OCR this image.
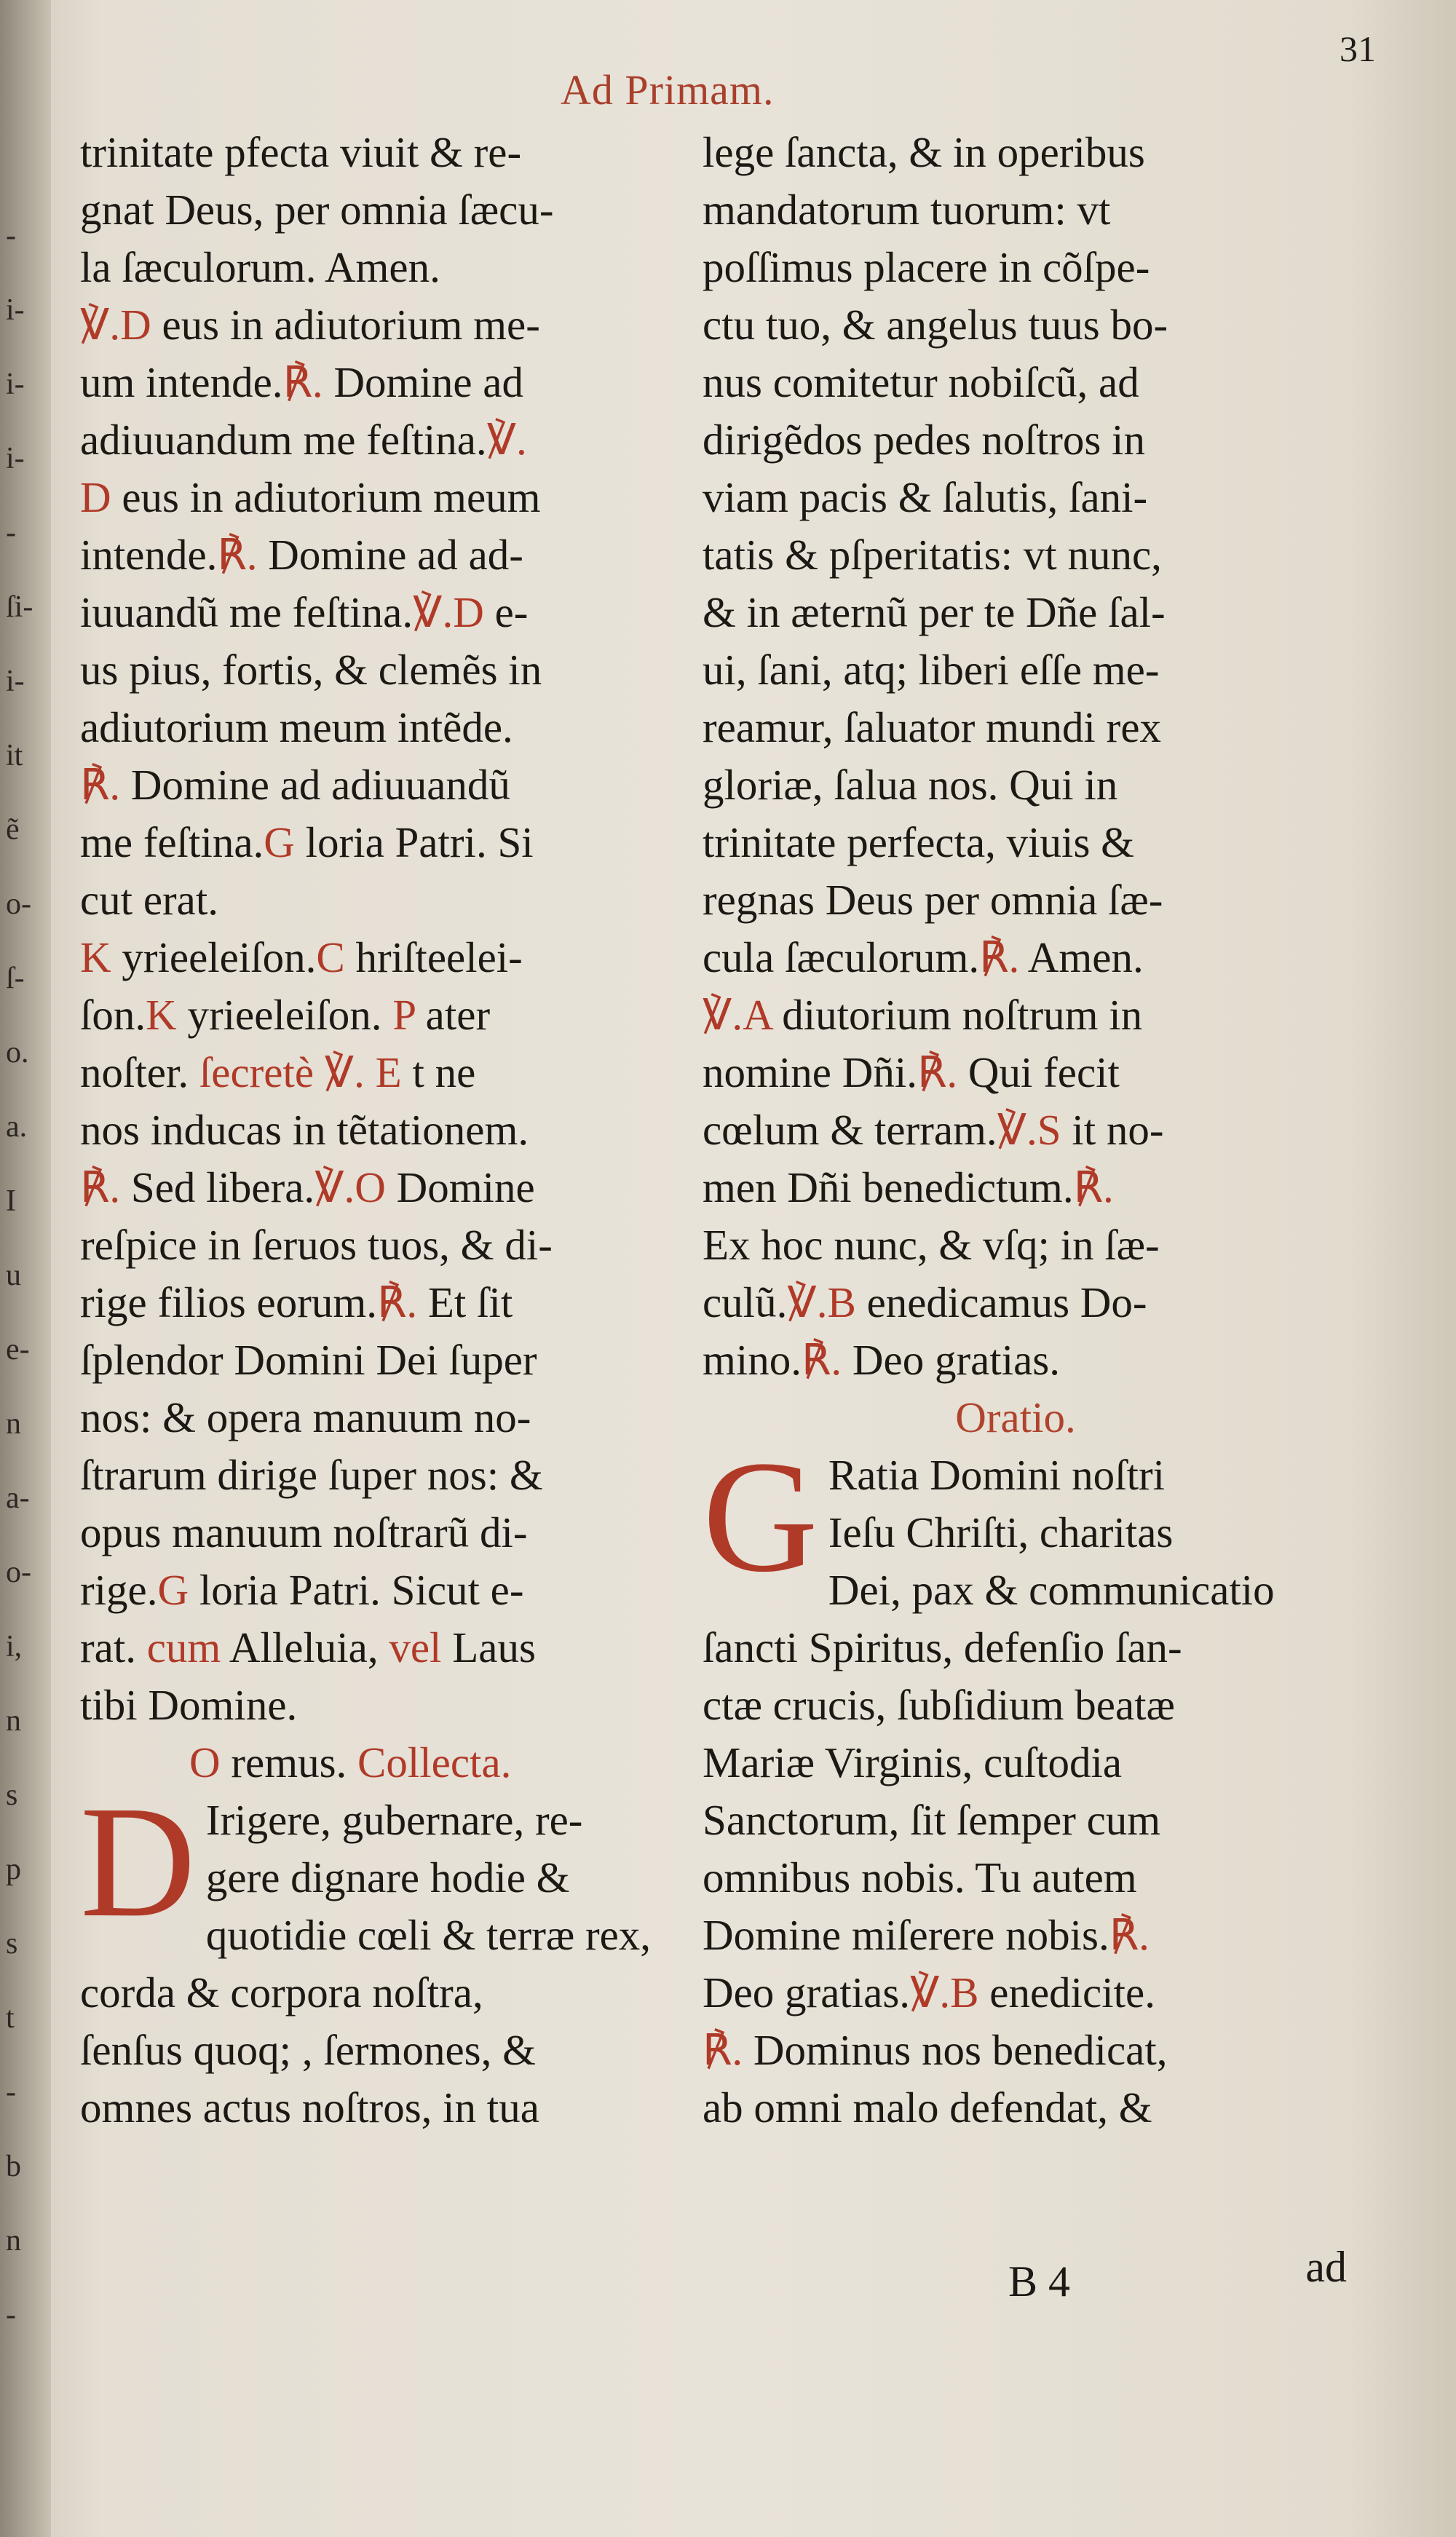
-
i-
i-
i-
-
ſi-
i-
it
ẽ
o-
ſ-
o.
a.
I
u
e-
n
a-
o-
i,
n
s
p
s
t
-
b
n
-
31
Ad Primam.
trinitate pfecta viuit & re-
gnat Deus, per omnia ſæcu-
la ſæculorum. Amen.
℣.D eus in adiutorium me-
um intende.℟. Domine ad
adiuuandum me feſtina.℣.
D eus in adiutorium meum
intende.℟. Domine ad ad-
iuuandũ me feſtina.℣.D e-
us pius, fortis, & clemẽs in
adiutorium meum intẽde.
℟. Domine ad adiuuandũ
me feſtina.G loria Patri. Si
cut erat.
K yrieeleiſon.C hriſteelei-
ſon.K yrieeleiſon. P ater
noſter. ſecretè ℣. E t ne
nos inducas in tẽtationem.
℟. Sed libera.℣.O Domine
reſpice in ſeruos tuos, & di-
rige filios eorum.℟. Et ſit
ſplendor Domini Dei ſuper
nos: & opera manuum no-
ſtrarum dirige ſuper nos: &
opus manuum noſtrarũ di-
rige.G loria Patri. Sicut e-
rat. cum Alleluia, vel Laus
tibi Domine.
O remus. Collecta.
D Irigere, gubernare, re-
gere dignare hodie &
quotidie cœli & terræ rex,
corda & corpora noſtra,
ſenſus quoq; , ſermones, &
omnes actus noſtros, in tua
lege ſancta, & in operibus
mandatorum tuorum: vt
poſſimus placere in cõſpe-
ctu tuo, & angelus tuus bo-
nus comitetur nobiſcũ, ad
dirigẽdos pedes noſtros in
viam pacis & ſalutis, ſani-
tatis & pſperitatis: vt nunc,
& in æternũ per te Dñe ſal-
ui, ſani, atq; liberi eſſe me-
reamur, ſaluator mundi rex
gloriæ, ſalua nos. Qui in
trinitate perfecta, viuis &
regnas Deus per omnia ſæ-
cula ſæculorum.℟. Amen.
℣.A diutorium noſtrum in
nomine Dñi.℟. Qui fecit
cœlum & terram.℣.S it no-
men Dñi benedictum.℟.
Ex hoc nunc, & vſq; in ſæ-
culũ.℣.B enedicamus Do-
mino.℟. Deo gratias.
Oratio.
G Ratia Domini noſtri
Ieſu Chriſti, charitas
Dei, pax & communicatio
ſancti Spiritus, defenſio ſan-
ctæ crucis, ſubſidium beatæ
Mariæ Virginis, cuſtodia
Sanctorum, ſit ſemper cum
omnibus nobis. Tu autem
Domine miſerere nobis.℟.
Deo gratias.℣.B enedicite.
℟. Dominus nos benedicat,
ab omni malo defendat, &
B 4	ad
